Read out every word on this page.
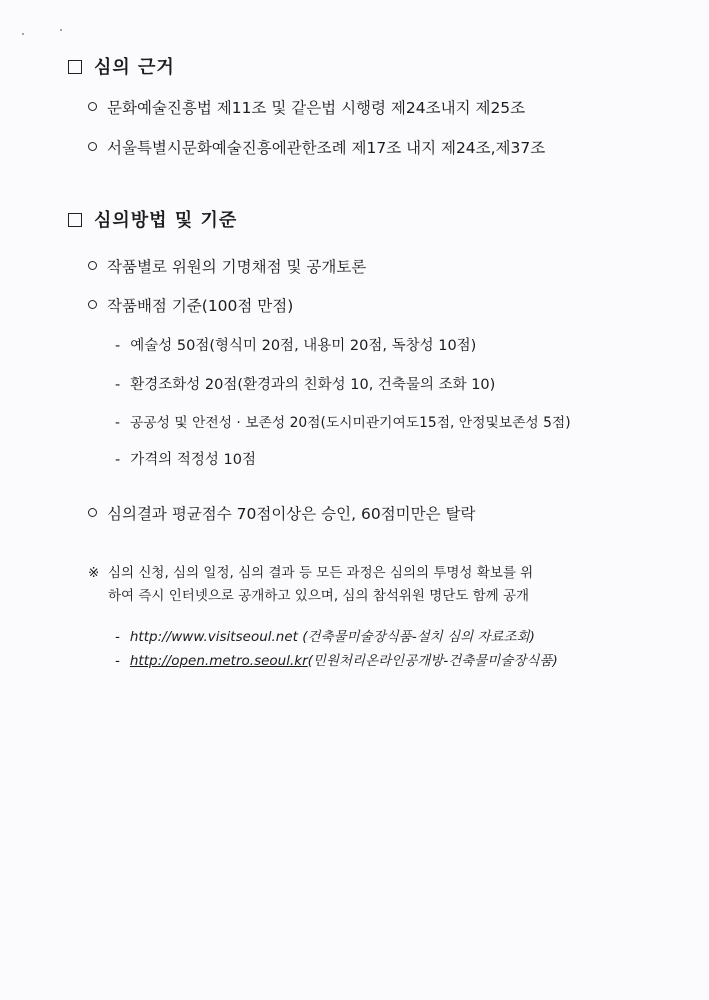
심의 근거
문화예술진흥법 제11조 및 같은법 시행령 제24조내지 제25조
서울특별시문화예술진흥에관한조례 제17조 내지 제24조,제37조
심의방법 및 기준
작품별로 위원의 기명채점 및 공개토론
작품배점 기준(100점 만점)
- 예술성 50점(형식미 20점, 내용미 20점, 독창성 10점)
- 환경조화성 20점(환경과의 친화성 10, 건축물의 조화 10)
- 공공성 및 안전성 · 보존성 20점(도시미관기여도15점, 안정및보존성 5점)
- 가격의 적정성 10점
심의결과 평균점수 70점이상은 승인, 60점미만은 탈락
※ 심의 신청, 심의 일정, 심의 결과 등 모든 과정은 심의의 투명성 확보를 위
하여 즉시 인터넷으로 공개하고 있으며, 심의 참석위원 명단도 함께 공개
- http://www.visitseoul.net (건축물미술장식품-설치 심의 자료조회)
- http://open.metro.seoul.kr(민원처리온라인공개방-건축물미술장식품)
